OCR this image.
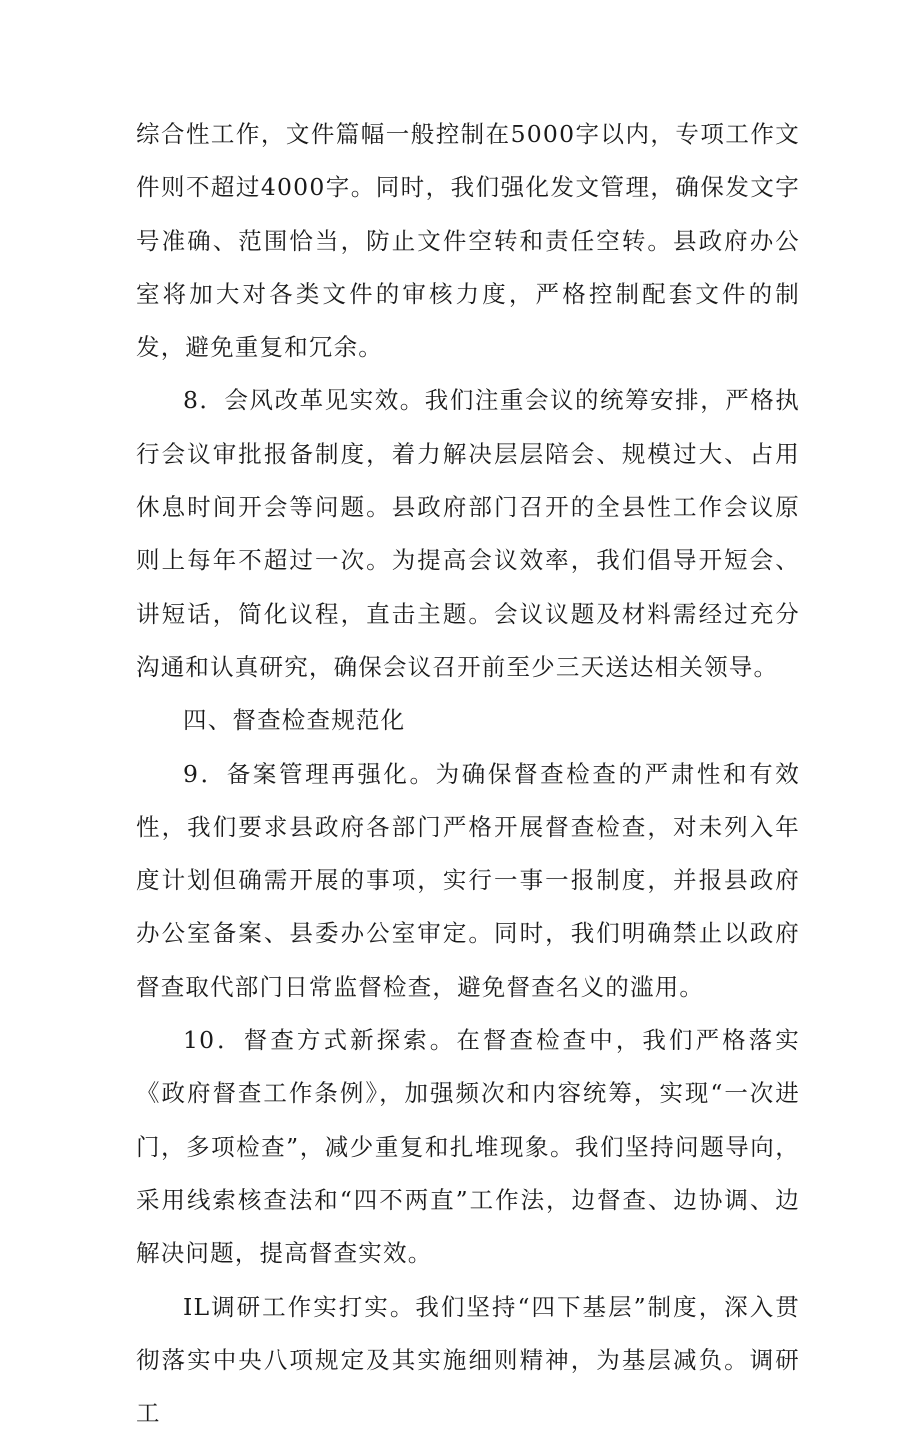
综合性工作，文件篇幅一般控制在5000字以内，专项工作文件则不超过4000字。同时，我们强化发文管理，确保发文字号准确、范围恰当，防止文件空转和责任空转。县政府办公室将加大对各类文件的审核力度，严格控制配套文件的制发，避免重复和冗余。

8．会风改革见实效。我们注重会议的统筹安排，严格执行会议审批报备制度，着力解决层层陪会、规模过大、占用休息时间开会等问题。县政府部门召开的全县性工作会议原则上每年不超过一次。为提高会议效率，我们倡导开短会、讲短话，简化议程，直击主题。会议议题及材料需经过充分沟通和认真研究，确保会议召开前至少三天送达相关领导。

四、督查检查规范化

9．备案管理再强化。为确保督查检查的严肃性和有效性，我们要求县政府各部门严格开展督查检查，对未列入年度计划但确需开展的事项，实行一事一报制度，并报县政府办公室备案、县委办公室审定。同时，我们明确禁止以政府督查取代部门日常监督检查，避免督查名义的滥用。

10．督查方式新探索。在督查检查中，我们严格落实《政府督查工作条例》，加强频次和内容统筹，实现“一次进门，多项检查”，减少重复和扎堆现象。我们坚持问题导向，采用线索核查法和“四不两直”工作法，边督查、边协调、边解决问题，提高督查实效。

IL调研工作实打实。我们坚持“四下基层”制度，深入贯彻落实中央八项规定及其实施细则精神，为基层减负。调研工
